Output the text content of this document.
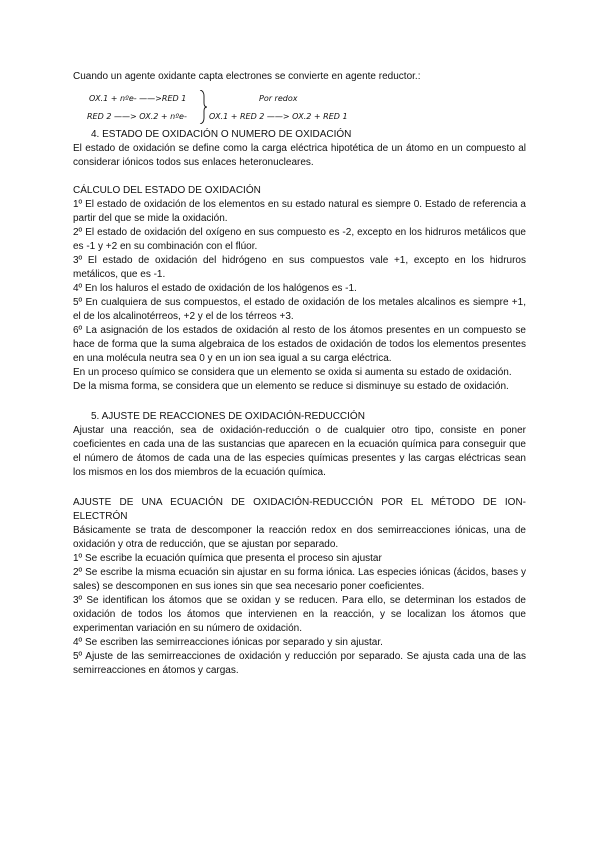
Cuando un agente oxidante capta electrones se convierte en agente reductor.:

OX.1 + nºe- ——>RED 1
RED 2 ——> OX.2 + nºe-
Por redox
OX.1 + RED 2 ——> OX.2 + RED 1

4. ESTADO DE OXIDACIÓN O NUMERO DE OXIDACIÓN

El estado de oxidación se define como la carga eléctrica hipotética de un átomo en un compuesto al considerar iónicos todos sus enlaces heteronucleares.

CÁLCULO DEL ESTADO DE OXIDACIÓN

1º El estado de oxidación de los elementos en su estado natural es siempre 0. Estado de referencia a partir del que se mide la oxidación.

2º El estado de oxidación del oxígeno en sus compuesto es -2, excepto en los hidruros metálicos que es -1 y +2 en su combinación con el flúor.

3º El estado de oxidación del hidrógeno en sus compuestos vale +1, excepto en los hidruros metálicos, que es -1.

4º En los haluros el estado de oxidación de los halógenos es -1.

5º En cualquiera de sus compuestos, el estado de oxidación de los metales alcalinos es siempre +1, el de los alcalinotérreos, +2 y el de los térreos +3.

6º La asignación de los estados de oxidación al resto de los átomos presentes en un compuesto se hace de forma que la suma algebraica de los estados de oxidación de todos los elementos presentes en una molécula neutra sea 0 y en un ion sea igual a su carga eléctrica.

En un proceso químico se considera que un elemento se oxida si aumenta su estado de oxidación.

De la misma forma, se considera que un elemento se reduce si disminuye su estado de oxidación.

5. AJUSTE DE REACCIONES DE OXIDACIÓN-REDUCCIÓN

Ajustar una reacción, sea de oxidación-reducción o de cualquier otro tipo, consiste en poner coeficientes en cada una de las sustancias que aparecen en la ecuación química para conseguir que el número de átomos de cada una de las especies químicas presentes y las cargas eléctricas sean los mismos en los dos miembros de la ecuación química.

AJUSTE DE UNA ECUACIÓN DE OXIDACIÓN-REDUCCIÓN POR EL MÉTODO DE ION-ELECTRÓN

Básicamente se trata de descomponer la reacción redox en dos semirreacciones iónicas, una de oxidación y otra de reducción, que se ajustan por separado.

1º Se escribe la ecuación química que presenta el proceso sin ajustar

2º Se escribe la misma ecuación sin ajustar en su forma iónica. Las especies iónicas (ácidos, bases y sales) se descomponen en sus iones sin que sea necesario poner coeficientes.

3º Se identifican los átomos que se oxidan y se reducen. Para ello, se determinan los estados de oxidación de todos los átomos que intervienen en la reacción, y se localizan los átomos que experimentan variación en su número de oxidación.

4º Se escriben las semirreacciones iónicas por separado y sin ajustar.

5º Ajuste de las semirreacciones de oxidación y reducción por separado. Se ajusta cada una de las semirreacciones en átomos y cargas.
